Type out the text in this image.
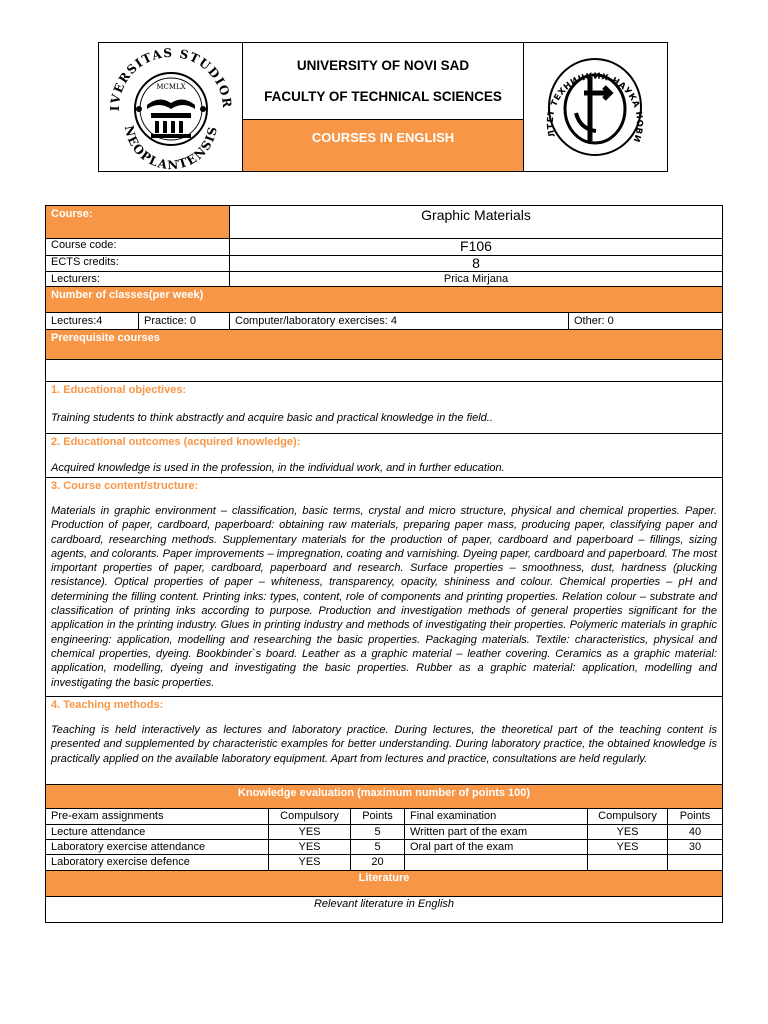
IVERSITAS STUDIOR
NEOPLANTENSIS
MCMLX
UNIVERSITY OF NOVI SAD
FACULTY OF TECHNICAL SCIENCES
COURSES IN ENGLISH	ЛТЕТ ТЕХНИЧКИХ НАУКА НОВИ
Course:	Graphic Materials
Course code:	F106
ECTS credits:	8
Lecturers:	Prica Mirjana
Number of classes(per week)
Lectures:4	Practice: 0	Computer/laboratory exercises: 4	Other: 0
Prerequisite courses
1. Educational objectives:

Training students to think abstractly and acquire basic and practical knowledge in the field..

2. Educational outcomes (acquired knowledge):

Acquired knowledge is used in the profession, in the individual work, and in further education.

3. Course content/structure:

Materials in graphic environment – classification, basic terms, crystal and micro structure, physical and chemical properties. Paper. Production of paper, cardboard, paperboard: obtaining raw materials, preparing paper mass, producing paper, classifying paper and cardboard, researching methods. Supplementary materials for the production of paper, cardboard and paperboard – fillings, sizing agents, and colorants. Paper improvements – impregnation, coating and varnishing. Dyeing paper, cardboard and paperboard. The most important properties of paper, cardboard, paperboard and research. Surface properties – smoothness, dust, hardness (plucking resistance). Optical properties of paper – whiteness, transparency, opacity, shininess and colour. Chemical properties – pH and determining the filling content. Printing inks: types, content, role of components and printing properties. Relation colour – substrate and classification of printing inks according to purpose. Production and investigation methods of general properties significant for the application in the printing industry. Glues in printing industry and methods of investigating their properties. Polymeric materials in graphic engineering: application, modelling and researching the basic properties. Packaging materials. Textile: characteristics, physical and chemical properties, dyeing. Bookbinder`s board. Leather as a graphic material – leather covering. Ceramics as a graphic material: application, modelling, dyeing and investigating the basic properties. Rubber as a graphic material: application, modelling and investigating the basic properties.

4. Teaching methods:

Teaching is held interactively as lectures and laboratory practice. During lectures, the theoretical part of the teaching content is presented and supplemented by characteristic examples for better understanding. During laboratory practice, the obtained knowledge is practically applied on the available laboratory equipment. Apart from lectures and practice, consultations are held regularly.

Knowledge evaluation (maximum number of points 100)
Pre-exam assignments	Compulsory	Points	Final examination	Compulsory	Points
Lecture attendance	YES	5	Written part of the exam	YES	40
Laboratory exercise attendance	YES	5	Oral part of the exam	YES	30
Laboratory exercise defence	YES	20
Literature
Relevant literature in English
